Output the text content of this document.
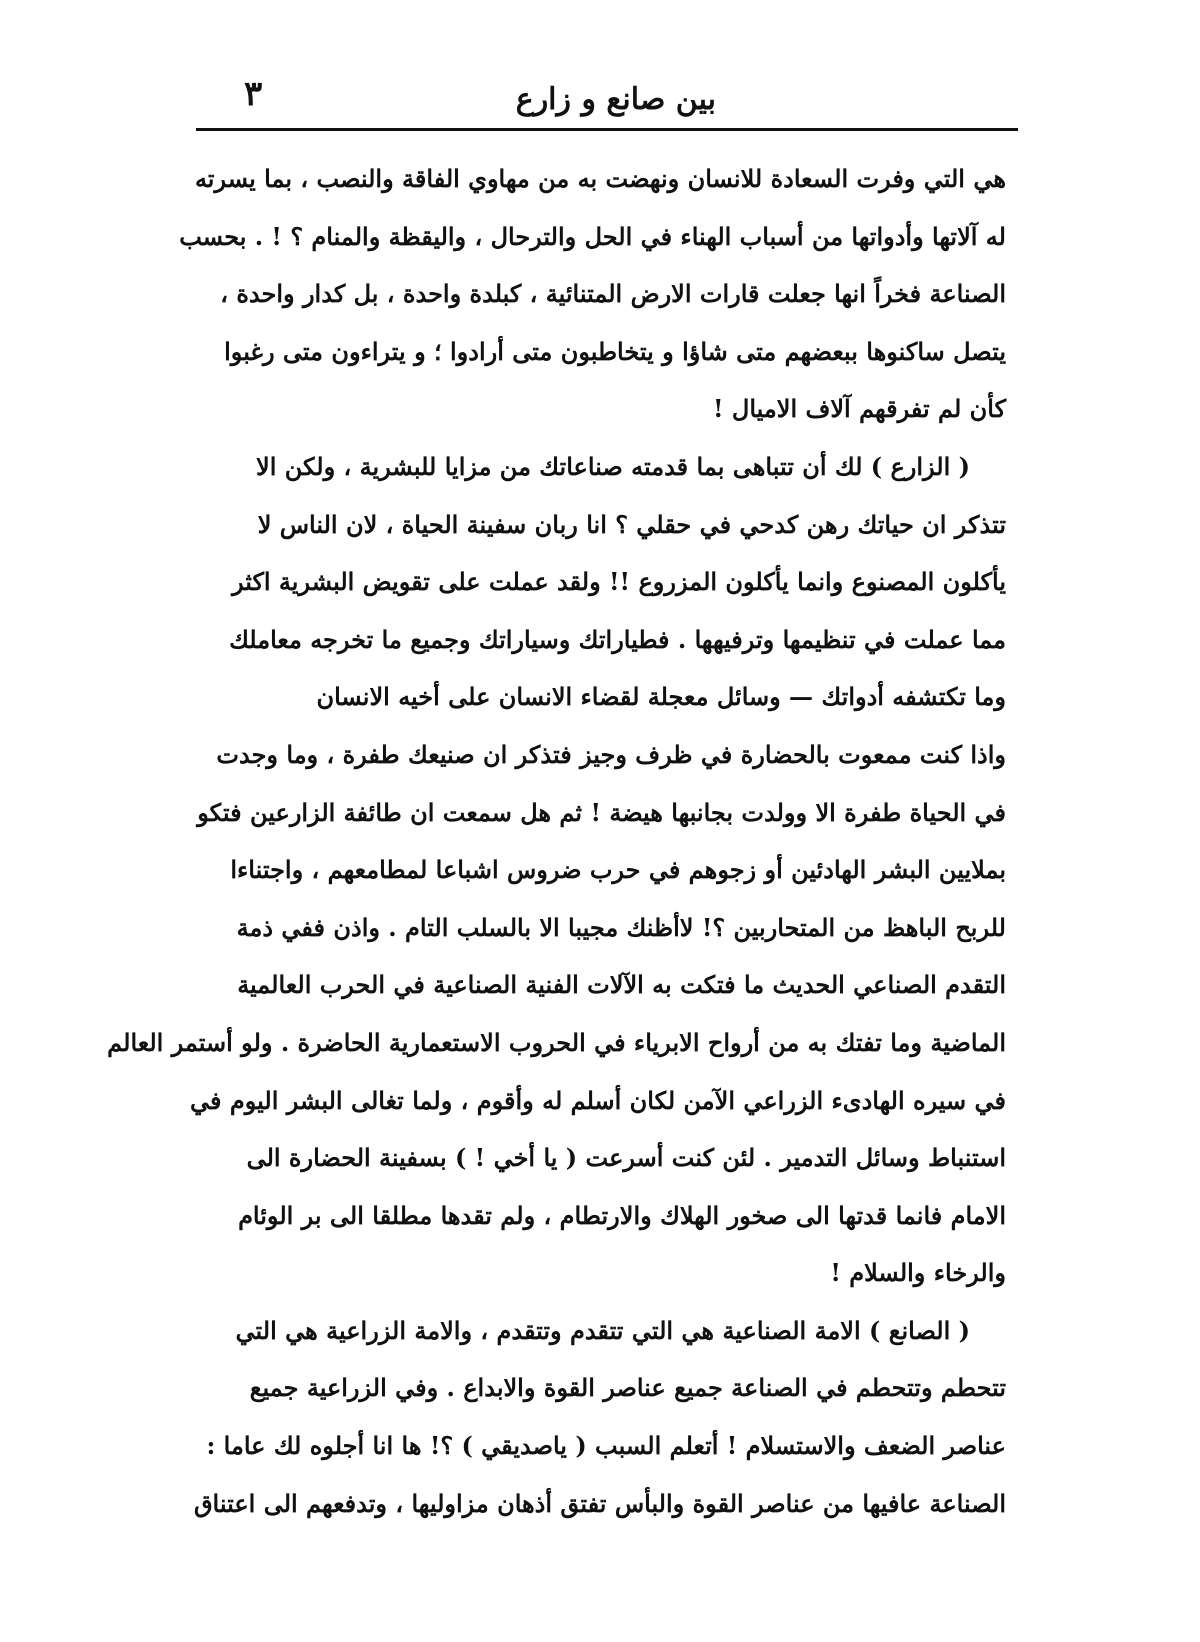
بين صانع و زارع
٣
هي التي وفرت السعادة للانسان ونهضت به من مهاوي الفاقة والنصب ، بما يسرته
له آلاتها وأدواتها من أسباب الهناء في الحل والترحال ، واليقظة والمنام ؟ ! . بحسب
الصناعة فخراً انها جعلت قارات الارض المتنائية ، كبلدة واحدة ، بل كدار واحدة ،
يتصل ساكنوها ببعضهم متى شاؤا و يتخاطبون متى أرادوا ؛ و يتراءون متى رغبوا
كأن لم تفرقهم آلاف الاميال !
( الزارع ) لك أن تتباهى بما قدمته صناعاتك من مزايا للبشرية ، ولكن الا
تتذكر ان حياتك رهن كدحي في حقلي ؟ انا ربان سفينة الحياة ، لان الناس لا
يأكلون المصنوع وانما يأكلون المزروع !! ولقد عملت على تقويض البشرية اكثر
مما عملت في تنظيمها وترفيهها . فطياراتك وسياراتك وجميع ما تخرجه معاملك
وما تكتشفه أدواتك — وسائل معجلة لقضاء الانسان على أخيه الانسان
واذا كنت ممعوت بالحضارة في ظرف وجيز فتذكر ان صنيعك طفرة ، وما وجدت
في الحياة طفرة الا وولدت بجانبها هيضة ! ثم هل سمعت ان طائفة الزارعين فتكو
بملايين البشر الهادئين أو زجوهم في حرب ضروس اشباعا لمطامعهم ، واجتناءا
للربح الباهظ من المتحاربين ؟! لاأظنك مجيبا الا بالسلب التام . واذن ففي ذمة
التقدم الصناعي الحديث ما فتكت به الآلات الفنية الصناعية في الحرب العالمية
الماضية وما تفتك به من أرواح الابرياء في الحروب الاستعمارية الحاضرة . ولو أستمر العالم
في سيره الهادىء الزراعي الآمن لكان أسلم له وأقوم ، ولما تغالى البشر اليوم في
استنباط وسائل التدمير . لئن كنت أسرعت ( يا أخي ! ) بسفينة الحضارة الى
الامام فانما قدتها الى صخور الهلاك والارتطام ، ولم تقدها مطلقا الى بر الوئام
والرخاء والسلام !
( الصانع ) الامة الصناعية هي التي تتقدم وتتقدم ، والامة الزراعية هي التي
تتحطم وتتحطم في الصناعة جميع عناصر القوة والابداع . وفي الزراعية جميع
عناصر الضعف والاستسلام ! أتعلم السبب ( ياصديقي ) ؟! ها انا أجلوه لك عاما :
الصناعة عافيها من عناصر القوة والبأس تفتق أذهان مزاوليها ، وتدفعهم الى اعتناق
